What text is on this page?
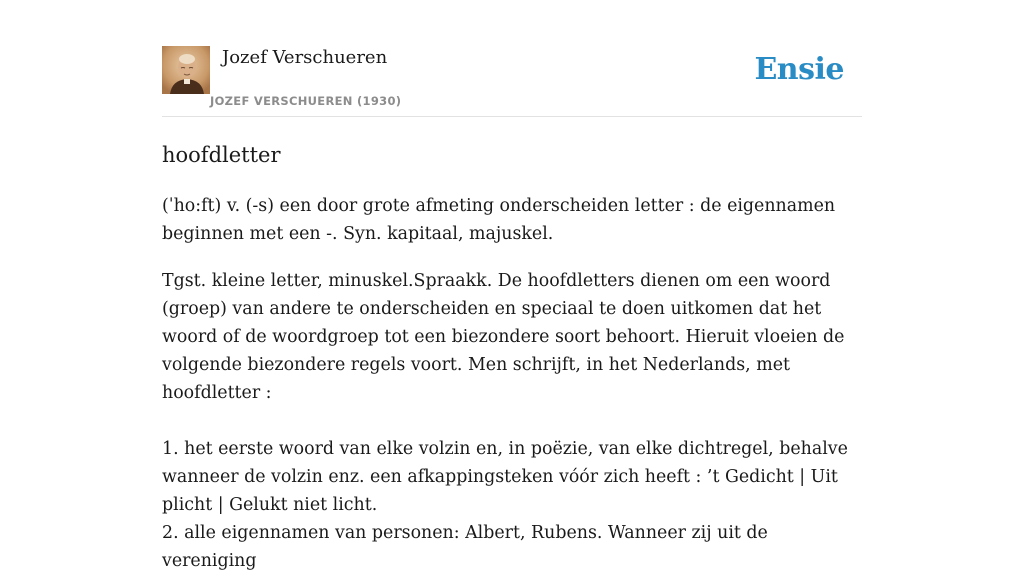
Jozef Verschueren
JOZEF VERSCHUEREN (1930)
Ensie
hoofdletter

(ˈho:ft) v. (-s) een door grote afmeting onderscheiden letter : de eigennamen beginnen met een -. Syn. kapitaal, majuskel.

Tgst. kleine letter, minuskel.Spraakk. De hoofdletters dienen om een woord (groep) van andere te onderscheiden en speciaal te doen uitkomen dat het woord of de woordgroep tot een biezondere soort behoort. Hieruit vloeien de volgende biezondere regels voort. Men schrijft, in het Nederlands, met hoofdletter :

1. het eerste woord van elke volzin en, in poëzie, van elke dichtregel, behalve wanneer de volzin enz. een afkappingsteken vóór zich heeft : ’t Gedicht | Uit plicht | Gelukt niet licht.
2. alle eigennamen van personen: Albert, Rubens. Wanneer zij uit de vereniging
